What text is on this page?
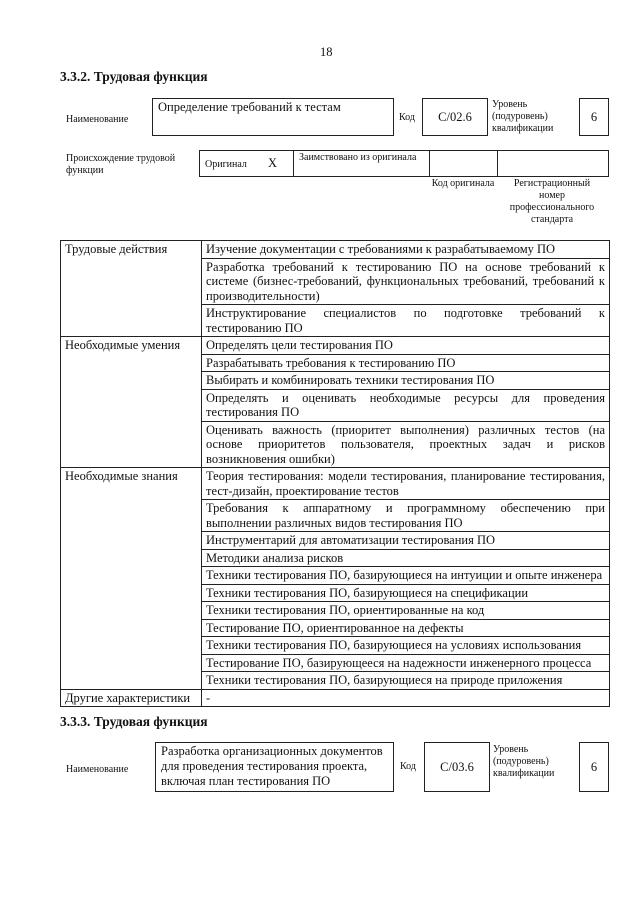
18
3.3.2. Трудовая функция
Наименование
Определение требований к тестам
Код	C/02.6
Уровень (подуровень) квалификации
6
Происхождение трудовой функции
Оригинал X Заимствовано из оригинала
Код оригинала	Регистрационный номер профессионального стандарта
Трудовые действия	Изучение документации с требованиями к разрабатываемому ПО
	Разработка требований к тестированию ПО на основе требований к системе (бизнес-требований, функциональных требований, требований к производительности)
	Инструктирование специалистов по подготовке требований к тестированию ПО
Необходимые умения	Определять цели тестирования ПО
	Разрабатывать требования к тестированию ПО
	Выбирать и комбинировать техники тестирования ПО
	Определять и оценивать необходимые ресурсы для проведения тестирования ПО
	Оценивать важность (приоритет выполнения) различных тестов (на основе приоритетов пользователя, проектных задач и рисков возникновения ошибки)
Необходимые знания	Теория тестирования: модели тестирования, планирование тестирования, тест-дизайн, проектирование тестов
	Требования к аппаратному и программному обеспечению при выполнении различных видов тестирования ПО
	Инструментарий для автоматизации тестирования ПО
	Методики анализа рисков
	Техники тестирования ПО, базирующиеся на интуиции и опыте инженера
	Техники тестирования ПО, базирующиеся на спецификации
	Техники тестирования ПО, ориентированные на код
	Тестирование ПО, ориентированное на дефекты
	Техники тестирования ПО, базирующиеся на условиях использования
	Тестирование ПО, базирующееся на надежности инженерного процесса
	Техники тестирования ПО, базирующиеся на природе приложения
Другие характеристики	-
3.3.3. Трудовая функция
Наименование
Разработка организационных документов для проведения тестирования проекта, включая план тестирования ПО
Код	C/03.6
Уровень (подуровень) квалификации	6
